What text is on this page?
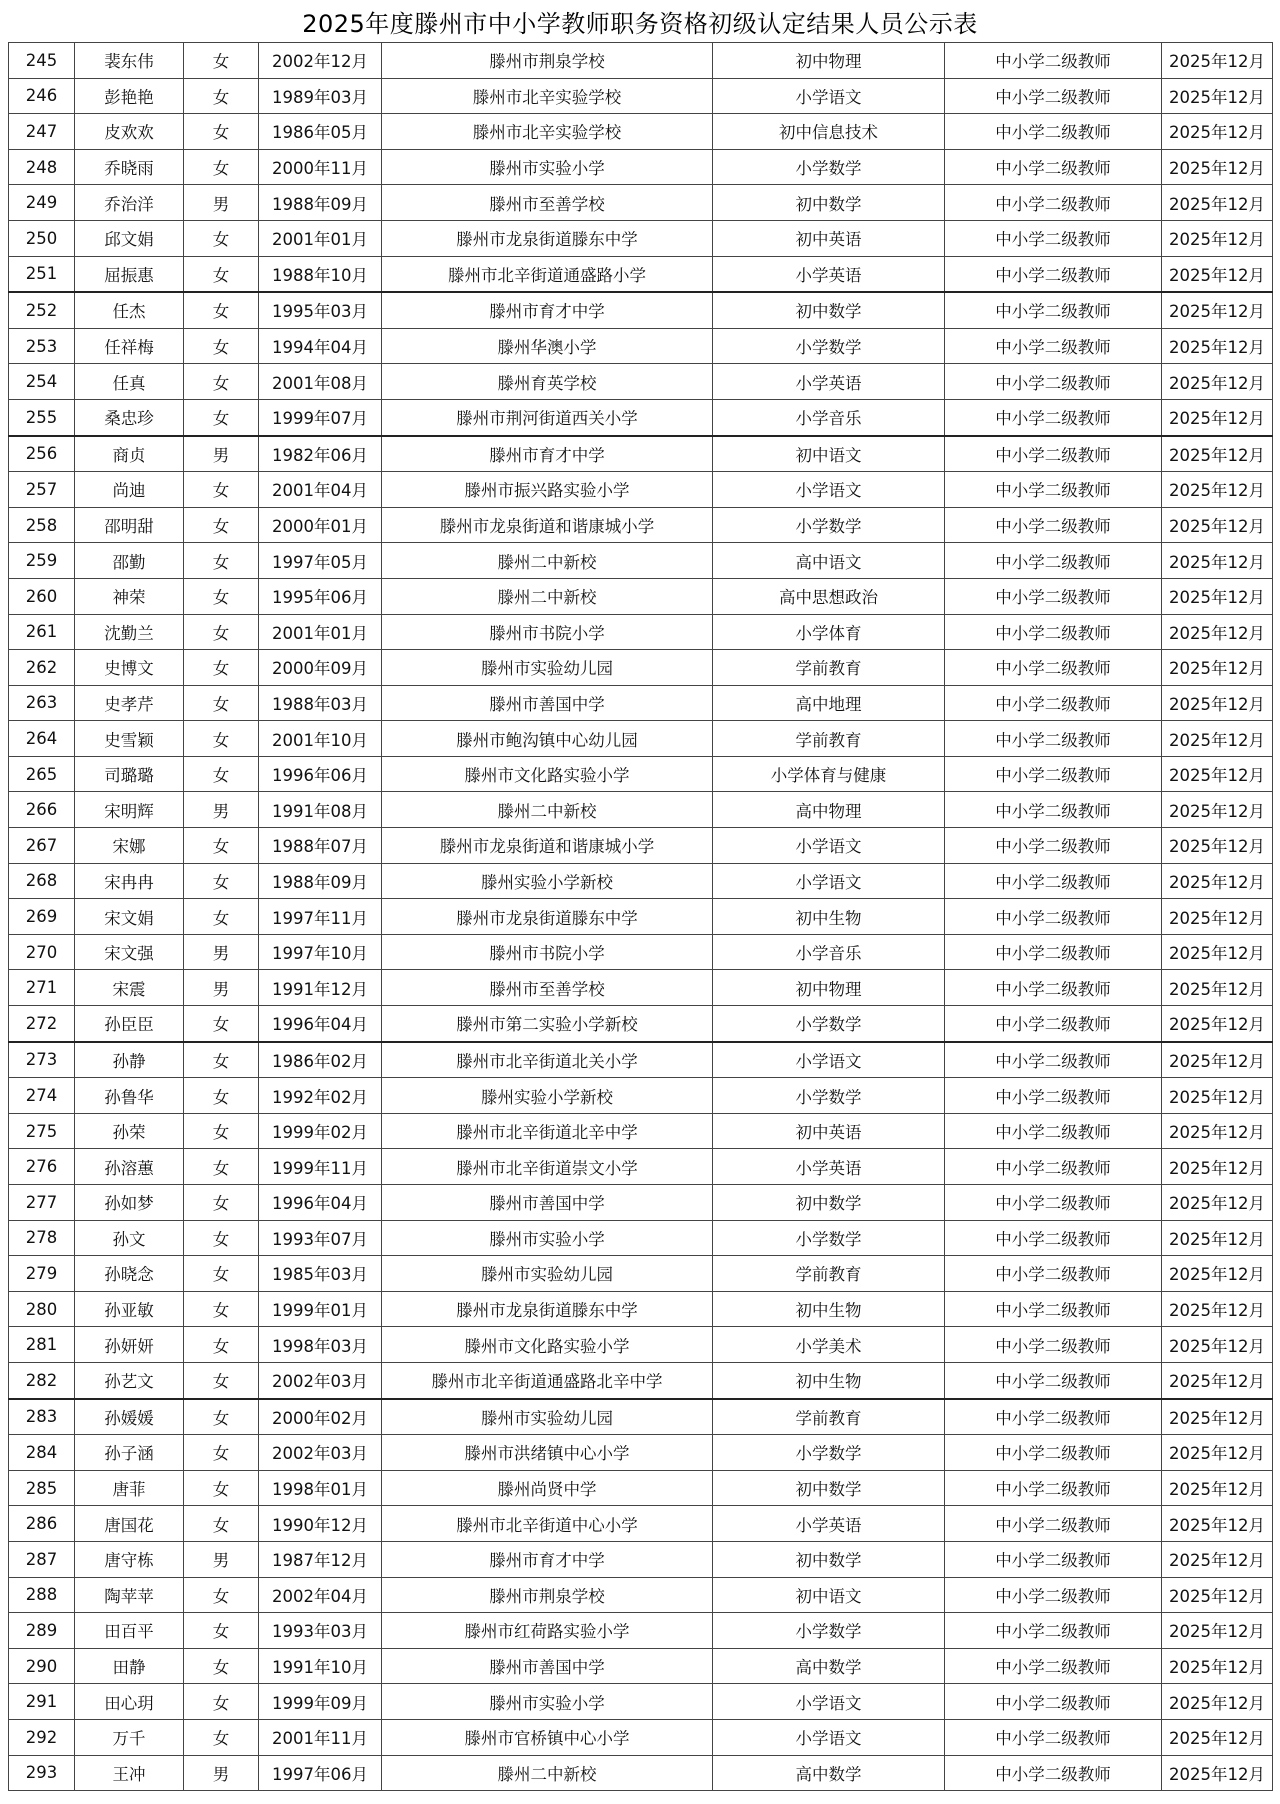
2025年度滕州市中小学教师职务资格初级认定结果人员公示表
245	裴东伟	女	2002年12月	滕州市荆泉学校	初中物理	中小学二级教师	2025年12月
246	彭艳艳	女	1989年03月	滕州市北辛实验学校	小学语文	中小学二级教师	2025年12月
247	皮欢欢	女	1986年05月	滕州市北辛实验学校	初中信息技术	中小学二级教师	2025年12月
248	乔晓雨	女	2000年11月	滕州市实验小学	小学数学	中小学二级教师	2025年12月
249	乔治洋	男	1988年09月	滕州市至善学校	初中数学	中小学二级教师	2025年12月
250	邱文娟	女	2001年01月	滕州市龙泉街道滕东中学	初中英语	中小学二级教师	2025年12月
251	屈振惠	女	1988年10月	滕州市北辛街道通盛路小学	小学英语	中小学二级教师	2025年12月
252	任杰	女	1995年03月	滕州市育才中学	初中数学	中小学二级教师	2025年12月
253	任祥梅	女	1994年04月	滕州华澳小学	小学数学	中小学二级教师	2025年12月
254	任真	女	2001年08月	滕州育英学校	小学英语	中小学二级教师	2025年12月
255	桑忠珍	女	1999年07月	滕州市荆河街道西关小学	小学音乐	中小学二级教师	2025年12月
256	商贞	男	1982年06月	滕州市育才中学	初中语文	中小学二级教师	2025年12月
257	尚迪	女	2001年04月	滕州市振兴路实验小学	小学语文	中小学二级教师	2025年12月
258	邵明甜	女	2000年01月	滕州市龙泉街道和谐康城小学	小学数学	中小学二级教师	2025年12月
259	邵勤	女	1997年05月	滕州二中新校	高中语文	中小学二级教师	2025年12月
260	神荣	女	1995年06月	滕州二中新校	高中思想政治	中小学二级教师	2025年12月
261	沈勤兰	女	2001年01月	滕州市书院小学	小学体育	中小学二级教师	2025年12月
262	史博文	女	2000年09月	滕州市实验幼儿园	学前教育	中小学二级教师	2025年12月
263	史孝芹	女	1988年03月	滕州市善国中学	高中地理	中小学二级教师	2025年12月
264	史雪颖	女	2001年10月	滕州市鲍沟镇中心幼儿园	学前教育	中小学二级教师	2025年12月
265	司璐璐	女	1996年06月	滕州市文化路实验小学	小学体育与健康	中小学二级教师	2025年12月
266	宋明辉	男	1991年08月	滕州二中新校	高中物理	中小学二级教师	2025年12月
267	宋娜	女	1988年07月	滕州市龙泉街道和谐康城小学	小学语文	中小学二级教师	2025年12月
268	宋冉冉	女	1988年09月	滕州实验小学新校	小学语文	中小学二级教师	2025年12月
269	宋文娟	女	1997年11月	滕州市龙泉街道滕东中学	初中生物	中小学二级教师	2025年12月
270	宋文强	男	1997年10月	滕州市书院小学	小学音乐	中小学二级教师	2025年12月
271	宋震	男	1991年12月	滕州市至善学校	初中物理	中小学二级教师	2025年12月
272	孙臣臣	女	1996年04月	滕州市第二实验小学新校	小学数学	中小学二级教师	2025年12月
273	孙静	女	1986年02月	滕州市北辛街道北关小学	小学语文	中小学二级教师	2025年12月
274	孙鲁华	女	1992年02月	滕州实验小学新校	小学数学	中小学二级教师	2025年12月
275	孙荣	女	1999年02月	滕州市北辛街道北辛中学	初中英语	中小学二级教师	2025年12月
276	孙溶蕙	女	1999年11月	滕州市北辛街道崇文小学	小学英语	中小学二级教师	2025年12月
277	孙如梦	女	1996年04月	滕州市善国中学	初中数学	中小学二级教师	2025年12月
278	孙文	女	1993年07月	滕州市实验小学	小学数学	中小学二级教师	2025年12月
279	孙晓念	女	1985年03月	滕州市实验幼儿园	学前教育	中小学二级教师	2025年12月
280	孙亚敏	女	1999年01月	滕州市龙泉街道滕东中学	初中生物	中小学二级教师	2025年12月
281	孙妍妍	女	1998年03月	滕州市文化路实验小学	小学美术	中小学二级教师	2025年12月
282	孙艺文	女	2002年03月	滕州市北辛街道通盛路北辛中学	初中生物	中小学二级教师	2025年12月
283	孙媛媛	女	2000年02月	滕州市实验幼儿园	学前教育	中小学二级教师	2025年12月
284	孙子涵	女	2002年03月	滕州市洪绪镇中心小学	小学数学	中小学二级教师	2025年12月
285	唐菲	女	1998年01月	滕州尚贤中学	初中数学	中小学二级教师	2025年12月
286	唐国花	女	1990年12月	滕州市北辛街道中心小学	小学英语	中小学二级教师	2025年12月
287	唐守栋	男	1987年12月	滕州市育才中学	初中数学	中小学二级教师	2025年12月
288	陶苹苹	女	2002年04月	滕州市荆泉学校	初中语文	中小学二级教师	2025年12月
289	田百平	女	1993年03月	滕州市红荷路实验小学	小学数学	中小学二级教师	2025年12月
290	田静	女	1991年10月	滕州市善国中学	高中数学	中小学二级教师	2025年12月
291	田心玥	女	1999年09月	滕州市实验小学	小学语文	中小学二级教师	2025年12月
292	万千	女	2001年11月	滕州市官桥镇中心小学	小学语文	中小学二级教师	2025年12月
293	王冲	男	1997年06月	滕州二中新校	高中数学	中小学二级教师	2025年12月
